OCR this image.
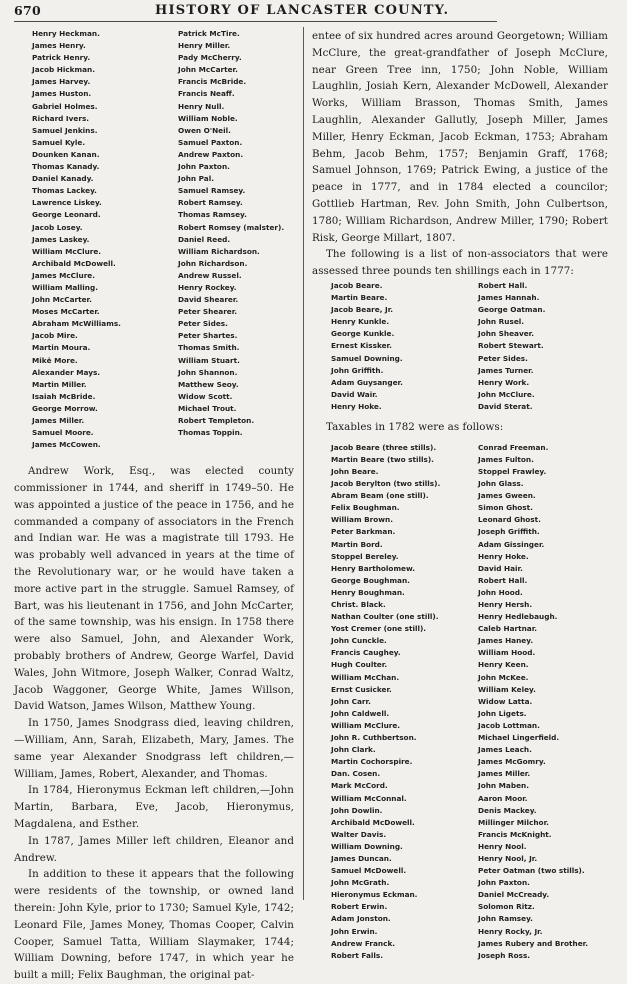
670	HISTORY OF LANCASTER COUNTY.
Henry Heckman.
James Henry.
Patrick Henry.
Jacob Hickman.
James Harvey.
James Huston.
Gabriel Holmes.
Richard Ivers.
Samuel Jenkins.
Samuel Kyle.
Dounken Kanan.
Thomas Kanady.
Daniel Kanady.
Thomas Lackey.
Lawrence Liskey.
George Leonard.
Jacob Losey.
James Laskey.
William McClure.
Archibald McDowell.
James McClure.
William Malling.
John McCarter.
Moses McCarter.
Abraham McWilliams.
Jacob Mire.
Martin Moura.
Mikė More.
Alexander Mays.
Martin Miller.
Isaiah McBride.
George Morrow.
James Miller.
Samuel Moore.
James McCowen.
Patrick McTire.
Henry Miller.
Pady McCherry.
John McCarter.
Francis McBride.
Francis Neaff.
Henry Null.
William Noble.
Owen O'Neil.
Samuel Paxton.
Andrew Paxton.
John Paxton.
John Pal.
Samuel Ramsey.
Robert Ramsey.
Thomas Ramsey.
Robert Romsey (malster).
Daniel Reed.
William Richardson.
John Richardson.
Andrew Russel.
Henry Rockey.
David Shearer.
Peter Shearer.
Peter Sides.
Peter Shartes.
Thomas Smith.
William Stuart.
John Shannon.
Matthew Seoy.
Widow Scott.
Michael Trout.
Robert Templeton.
Thomas Toppin.

Andrew Work, Esq., was elected county commissioner in 1744, and sheriff in 1749–50. He was appointed a justice of the peace in 1756, and he commanded a company of associators in the French and Indian war. He was a magistrate till 1793. He was probably well advanced in years at the time of the Revolutionary war, or he would have taken a more active part in the struggle. Samuel Ramsey, of Bart, was his lieutenant in 1756, and John McCarter, of the same township, was his ensign. In 1758 there were also Samuel, John, and Alexander Work, probably brothers of Andrew, George Warfel, David Wales, John Witmore, Joseph Walker, Conrad Waltz, Jacob Waggoner, George White, James Willson, David Watson, James Wilson, Matthew Young.

In 1750, James Snodgrass died, leaving children,—William, Ann, Sarah, Elizabeth, Mary, James. The same year Alexander Snodgrass left children,—William, James, Robert, Alexander, and Thomas.

In 1784, Hieronymus Eckman left children,—John Martin, Barbara, Eve, Jacob, Hieronymus, Magdalena, and Esther.

In 1787, James Miller left children, Eleanor and Andrew.

In addition to these it appears that the following were residents of the township, or owned land therein: John Kyle, prior to 1730; Samuel Kyle, 1742; Leonard File, James Money, Thomas Cooper, Calvin Cooper, Samuel Tatta, William Slaymaker, 1744; William Downing, before 1747, in which year he built a mill; Felix Baughman, the original pat-

entee of six hundred acres around Georgetown; William McClure, the great-grandfather of Joseph McClure, near Green Tree inn, 1750; John Noble, William Laughlin, Josiah Kern, Alexander McDowell, Alexander Works, William Brasson, Thomas Smith, James Laughlin, Alexander Gallutly, Joseph Miller, James Miller, Henry Eckman, Jacob Eckman, 1753; Abraham Behm, Jacob Behm, 1757; Benjamin Graff, 1768; Samuel Johnson, 1769; Patrick Ewing, a justice of the peace in 1777, and in 1784 elected a councilor; Gottlieb Hartman, Rev. John Smith, John Culbertson, 1780; William Richardson, Andrew Miller, 1790; Robert Risk, George Millart, 1807.

The following is a list of non-associators that were assessed three pounds ten shillings each in 1777:

Jacob Beare.
Martin Beare.
Jacob Beare, Jr.
Henry Kunkle.
George Kunkle.
Ernest Kissker.
Samuel Downing.
John Griffith.
Adam Guysanger.
David Wair.
Henry Hoke.
Robert Hall.
James Hannah.
George Oatman.
John Rusel.
John Sheaver.
Robert Stewart.
Peter Sides.
James Turner.
Henry Work.
John McClure.
David Sterat.

Taxables in 1782 were as follows:

Jacob Beare (three stills).
Martin Beare (two stills).
John Beare.
Jacob Berylton (two stills).
Abram Beam (one still).
Felix Boughman.
William Brown.
Peter Barkman.
Martin Bord.
Stoppel Bereley.
Henry Bartholomew.
George Boughman.
Henry Boughman.
Christ. Black.
Nathan Coulter (one still).
Yost Cremer (one still).
John Cunckle.
Francis Caughey.
Hugh Coulter.
William McChan.
Ernst Cusicker.
John Carr.
John Caldwell.
William McClure.
John R. Cuthbertson.
John Clark.
Martin Cochorspire.
Dan. Cosen.
Mark McCord.
William McConnal.
John Dowlin.
Archibald McDowell.
Walter Davis.
William Downing.
James Duncan.
Samuel McDowell.
John McGrath.
Hieronymus Eckman.
Robert Erwin.
Adam Jonston.
John Erwin.
Andrew Franck.
Robert Falls.
Conrad Freeman.
James Fulton.
Stoppel Frawley.
John Glass.
James Gween.
Simon Ghost.
Leonard Ghost.
Joseph Griffith.
Adam Gissinger.
Henry Hoke.
David Hair.
Robert Hall.
John Hood.
Henry Hersh.
Henry Hedlebaugh.
Caleb Hartnar.
James Haney.
William Hood.
Henry Keen.
John McKee.
William Keley.
Widow Latta.
John Ligets.
Jacob Lottman.
Michael Lingerfield.
James Leach.
James McGomry.
James Miller.
John Maben.
Aaron Moor.
Denis Mackey.
Millinger Milchor.
Francis McKnight.
Henry Nool.
Henry Nool, Jr.
Peter Oatman (two stills).
John Paxton.
Daniel McCready.
Solomon Ritz.
John Ramsey.
Henry Rocky, Jr.
James Rubery and Brother.
Joseph Ross.
